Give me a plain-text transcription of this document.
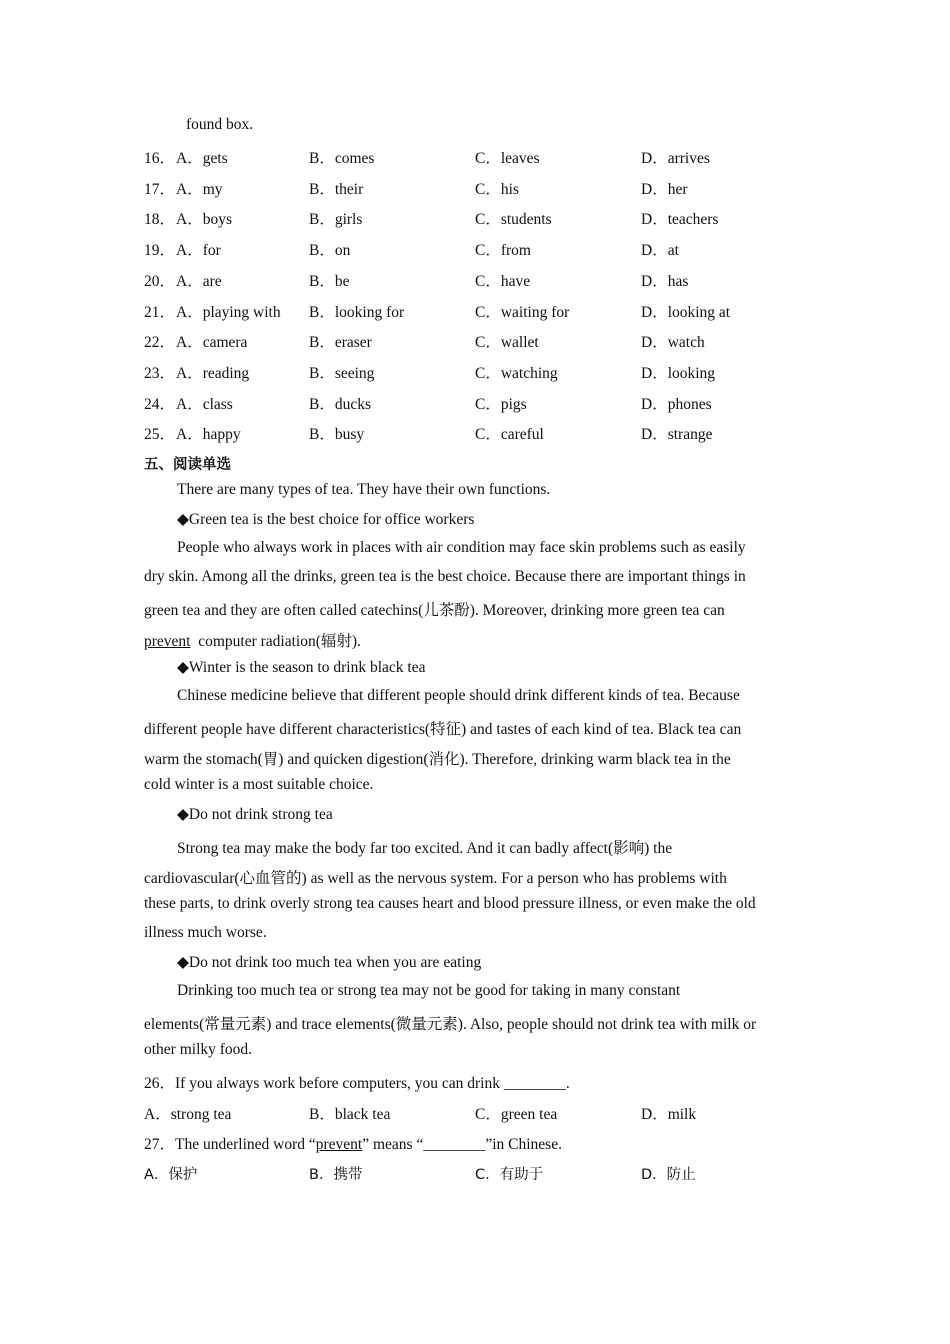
found box.
16． A．gets	B．comes	C．leaves	D．arrives
17． A．my	B．their	C．his	D．her
18． A．boys	B．girls	C．students	D．teachers
19． A．for	B．on	C．from	D．at
20． A．are	B．be	C．have	D．has
21． A．playing with B．looking for	C．waiting for	D．looking at
22． A．camera	B．eraser	C．wallet	D．watch
23． A．reading	B．seeing	C．watching	D．looking
24． A．class	B．ducks	C．pigs	D．phones
25． A．happy	B．busy	C．careful	D．strange
五、阅读单选
There are many types of tea. They have their own functions.
◆Green tea is the best choice for office workers
People who always work in places with air condition may face skin problems such as easily
dry skin. Among all the drinks, green tea is the best choice. Because there are important things in
green tea and they are often called catechins(儿茶酚). Moreover, drinking more green tea can
prevent  computer radiation(辐射).
◆Winter is the season to drink black tea
Chinese medicine believe that different people should drink different kinds of tea. Because
different people have different characteristics(特征) and tastes of each kind of tea. Black tea can
warm the stomach(胃) and quicken digestion(消化). Therefore, drinking warm black tea in the
cold winter is a most suitable choice.
◆Do not drink strong tea
Strong tea may make the body far too excited. And it can badly affect(影响) the
cardiovascular(心血管的) as well as the nervous system. For a person who has problems with
these parts, to drink overly strong tea causes heart and blood pressure illness, or even make the old
illness much worse.
◆Do not drink too much tea when you are eating
Drinking too much tea or strong tea may not be good for taking in many constant
elements(常量元素) and trace elements(微量元素). Also, people should not drink tea with milk or
other milky food.
26．If you always work before computers, you can drink ________.
A．strong tea	B．black tea	C．green tea	D．milk
27．The underlined word “prevent” means “________”in Chinese.
A．保护	B．携带	C．有助于	D．防止
